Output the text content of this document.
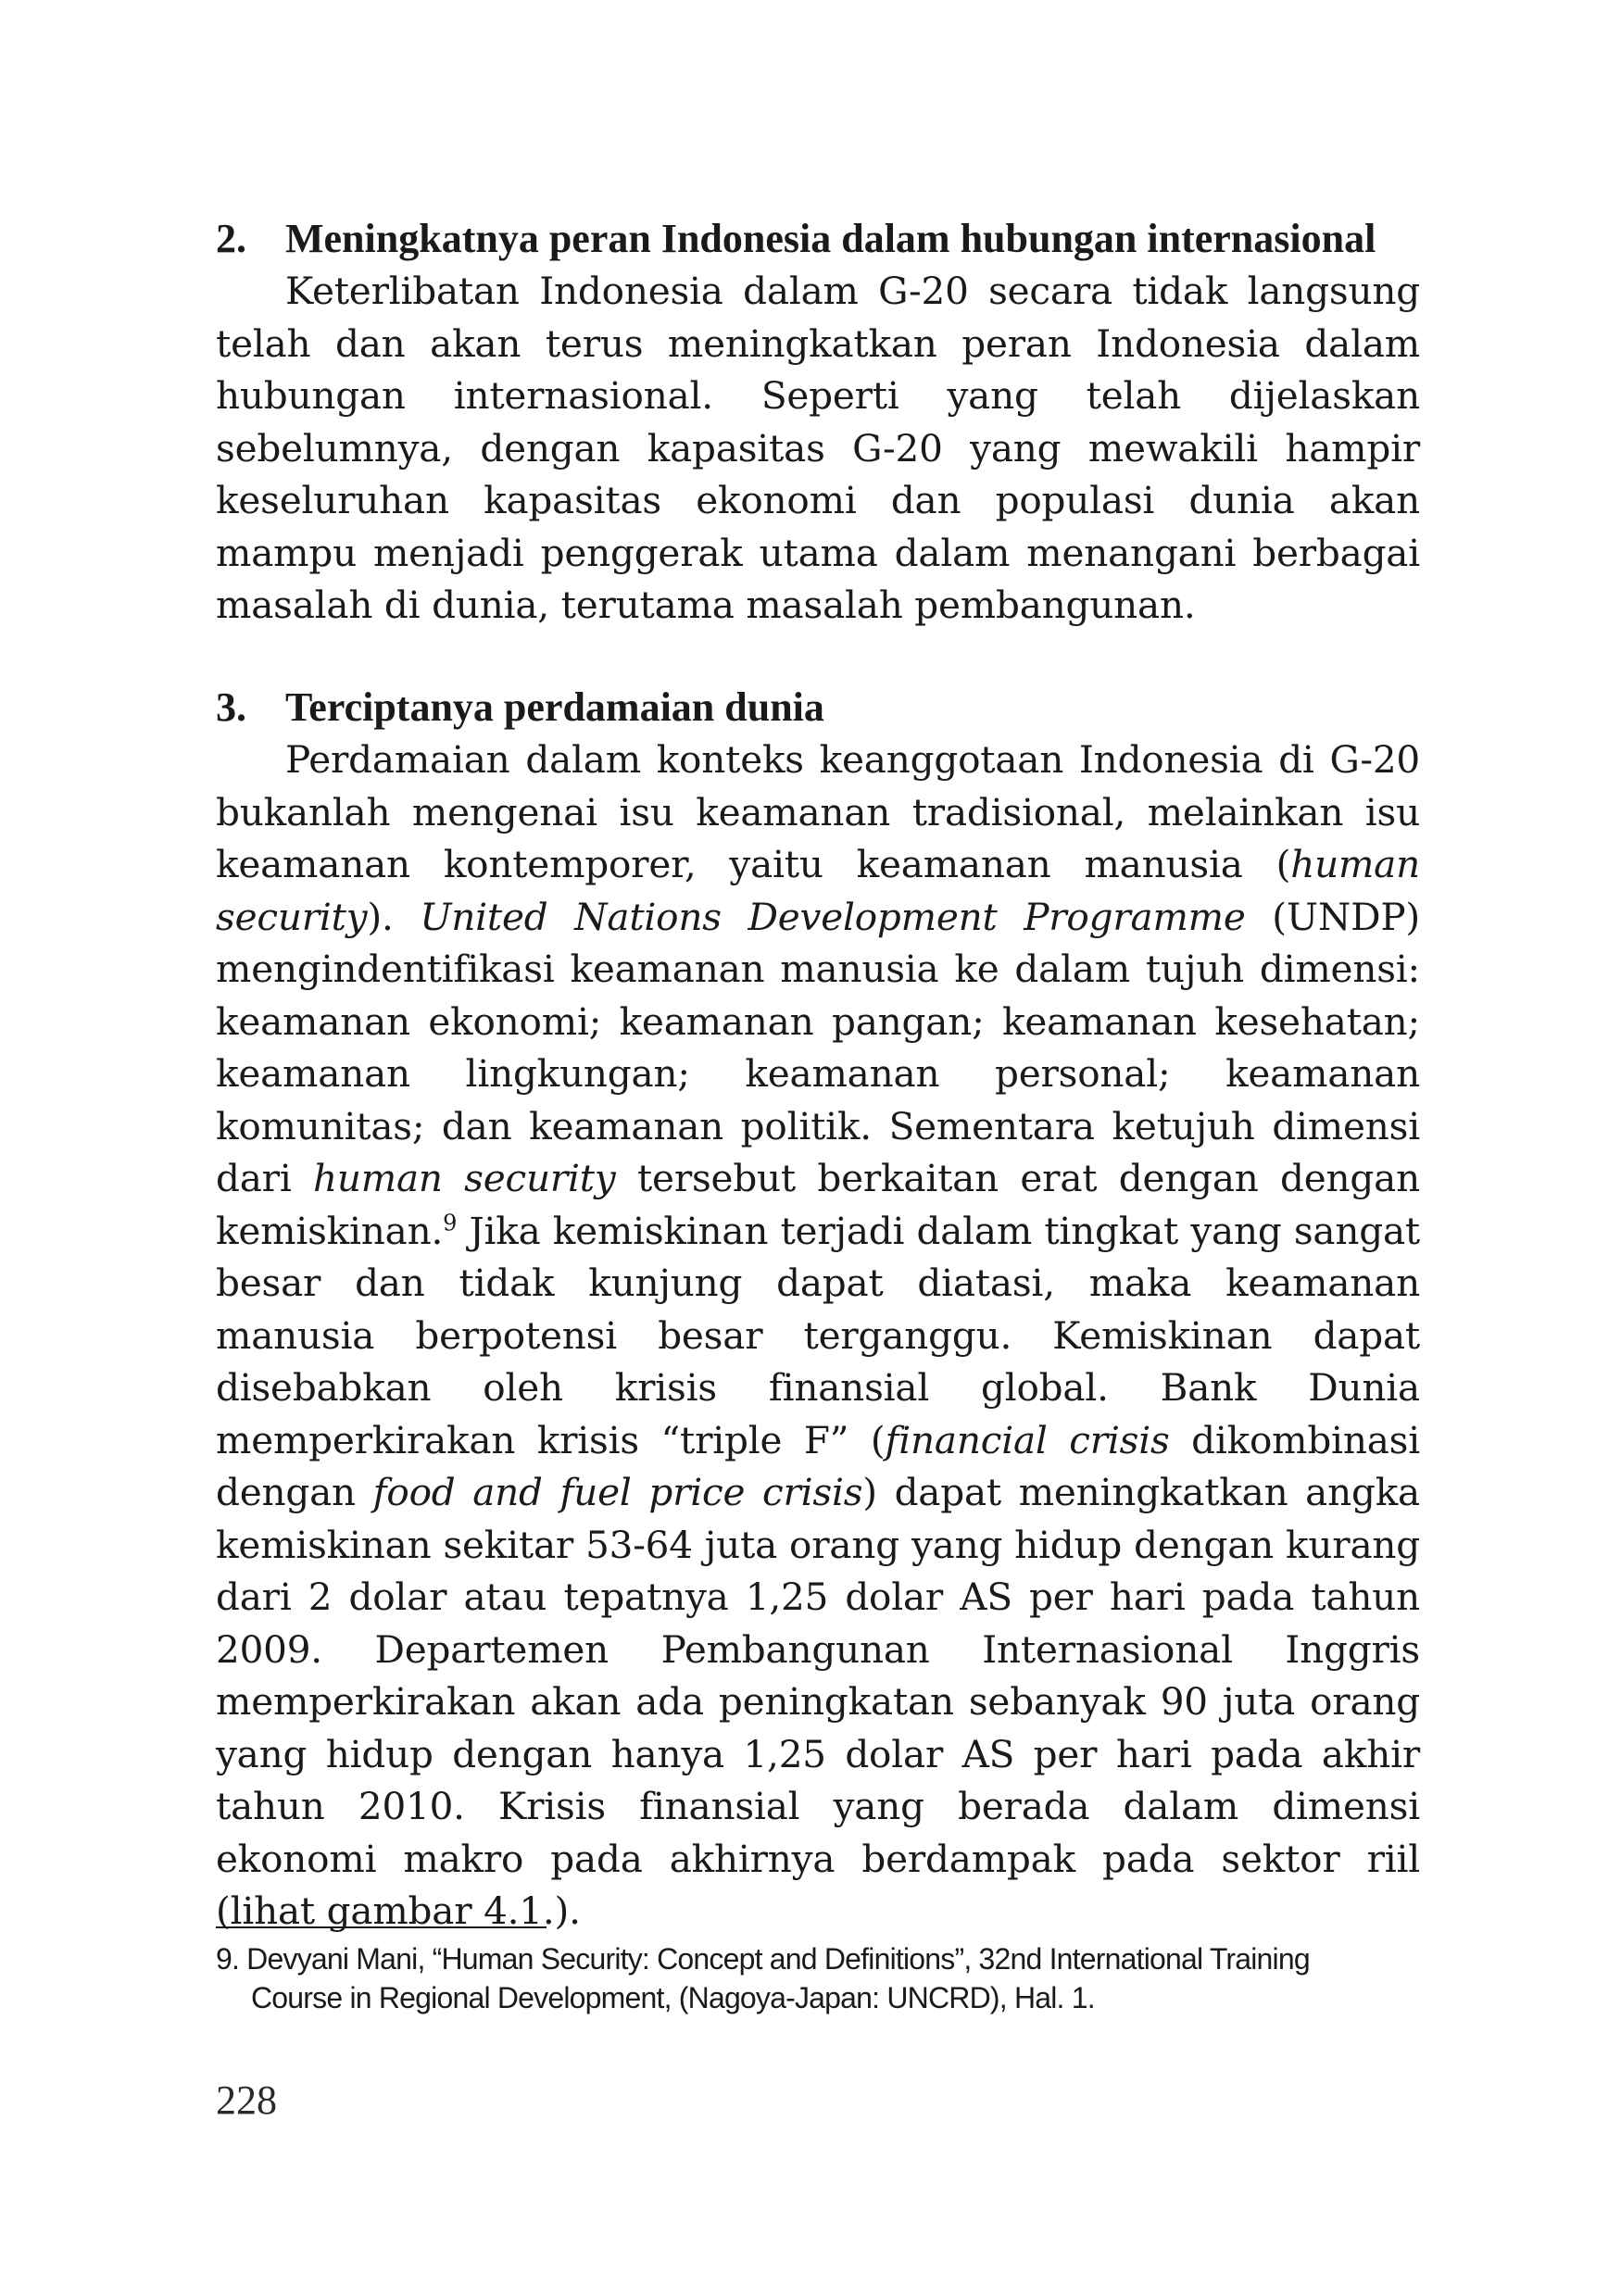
2. Meningkatnya peran Indonesia dalam hubungan internasional

Keterlibatan Indonesia dalam G-20 secara tidak langsung telah dan akan terus meningkatkan peran Indonesia dalam hubungan internasional. Seperti yang telah dijelaskan sebelumnya, dengan kapasitas G-20 yang mewakili hampir keseluruhan kapasitas ekonomi dan populasi dunia akan mampu menjadi penggerak utama dalam menangani berbagai masalah di dunia, terutama masalah pembangunan.

3. Terciptanya perdamaian dunia

Perdamaian dalam konteks keanggotaan Indonesia di G-20 bukanlah mengenai isu keamanan tradisional, melainkan isu keamanan kontemporer, yaitu keamanan manusia (human security). United Nations Development Programme (UNDP) mengindentifikasi keamanan manusia ke dalam tujuh dimensi: keamanan ekonomi; keamanan pangan; keamanan kesehatan; keamanan lingkungan; keamanan personal; keamanan komunitas; dan keamanan politik. Sementara ketujuh dimensi dari human security tersebut berkaitan erat dengan dengan kemiskinan.$^9$ Jika kemiskinan terjadi dalam tingkat yang sangat besar dan tidak kunjung dapat diatasi, maka keamanan manusia berpotensi besar terganggu. Kemiskinan dapat disebabkan oleh krisis finansial global. Bank Dunia memperkirakan krisis “triple F” (financial crisis dikombinasi dengan food and fuel price crisis) dapat meningkatkan angka kemiskinan sekitar 53-64 juta orang yang hidup dengan kurang dari 2 dolar atau tepatnya 1,25 dolar AS per hari pada tahun 2009. Departemen Pembangunan Internasional Inggris memperkirakan akan ada peningkatan sebanyak 90 juta orang yang hidup dengan hanya 1,25 dolar AS per hari pada akhir tahun 2010. Krisis finansial yang berada dalam dimensi ekonomi makro pada akhirnya berdampak pada sektor riil (lihat gambar 4.1.).

9. Devyani Mani, “Human Security: Concept and Definitions”, 32nd International Training
Course in Regional Development, (Nagoya-Japan: UNCRD), Hal. 1.
228
